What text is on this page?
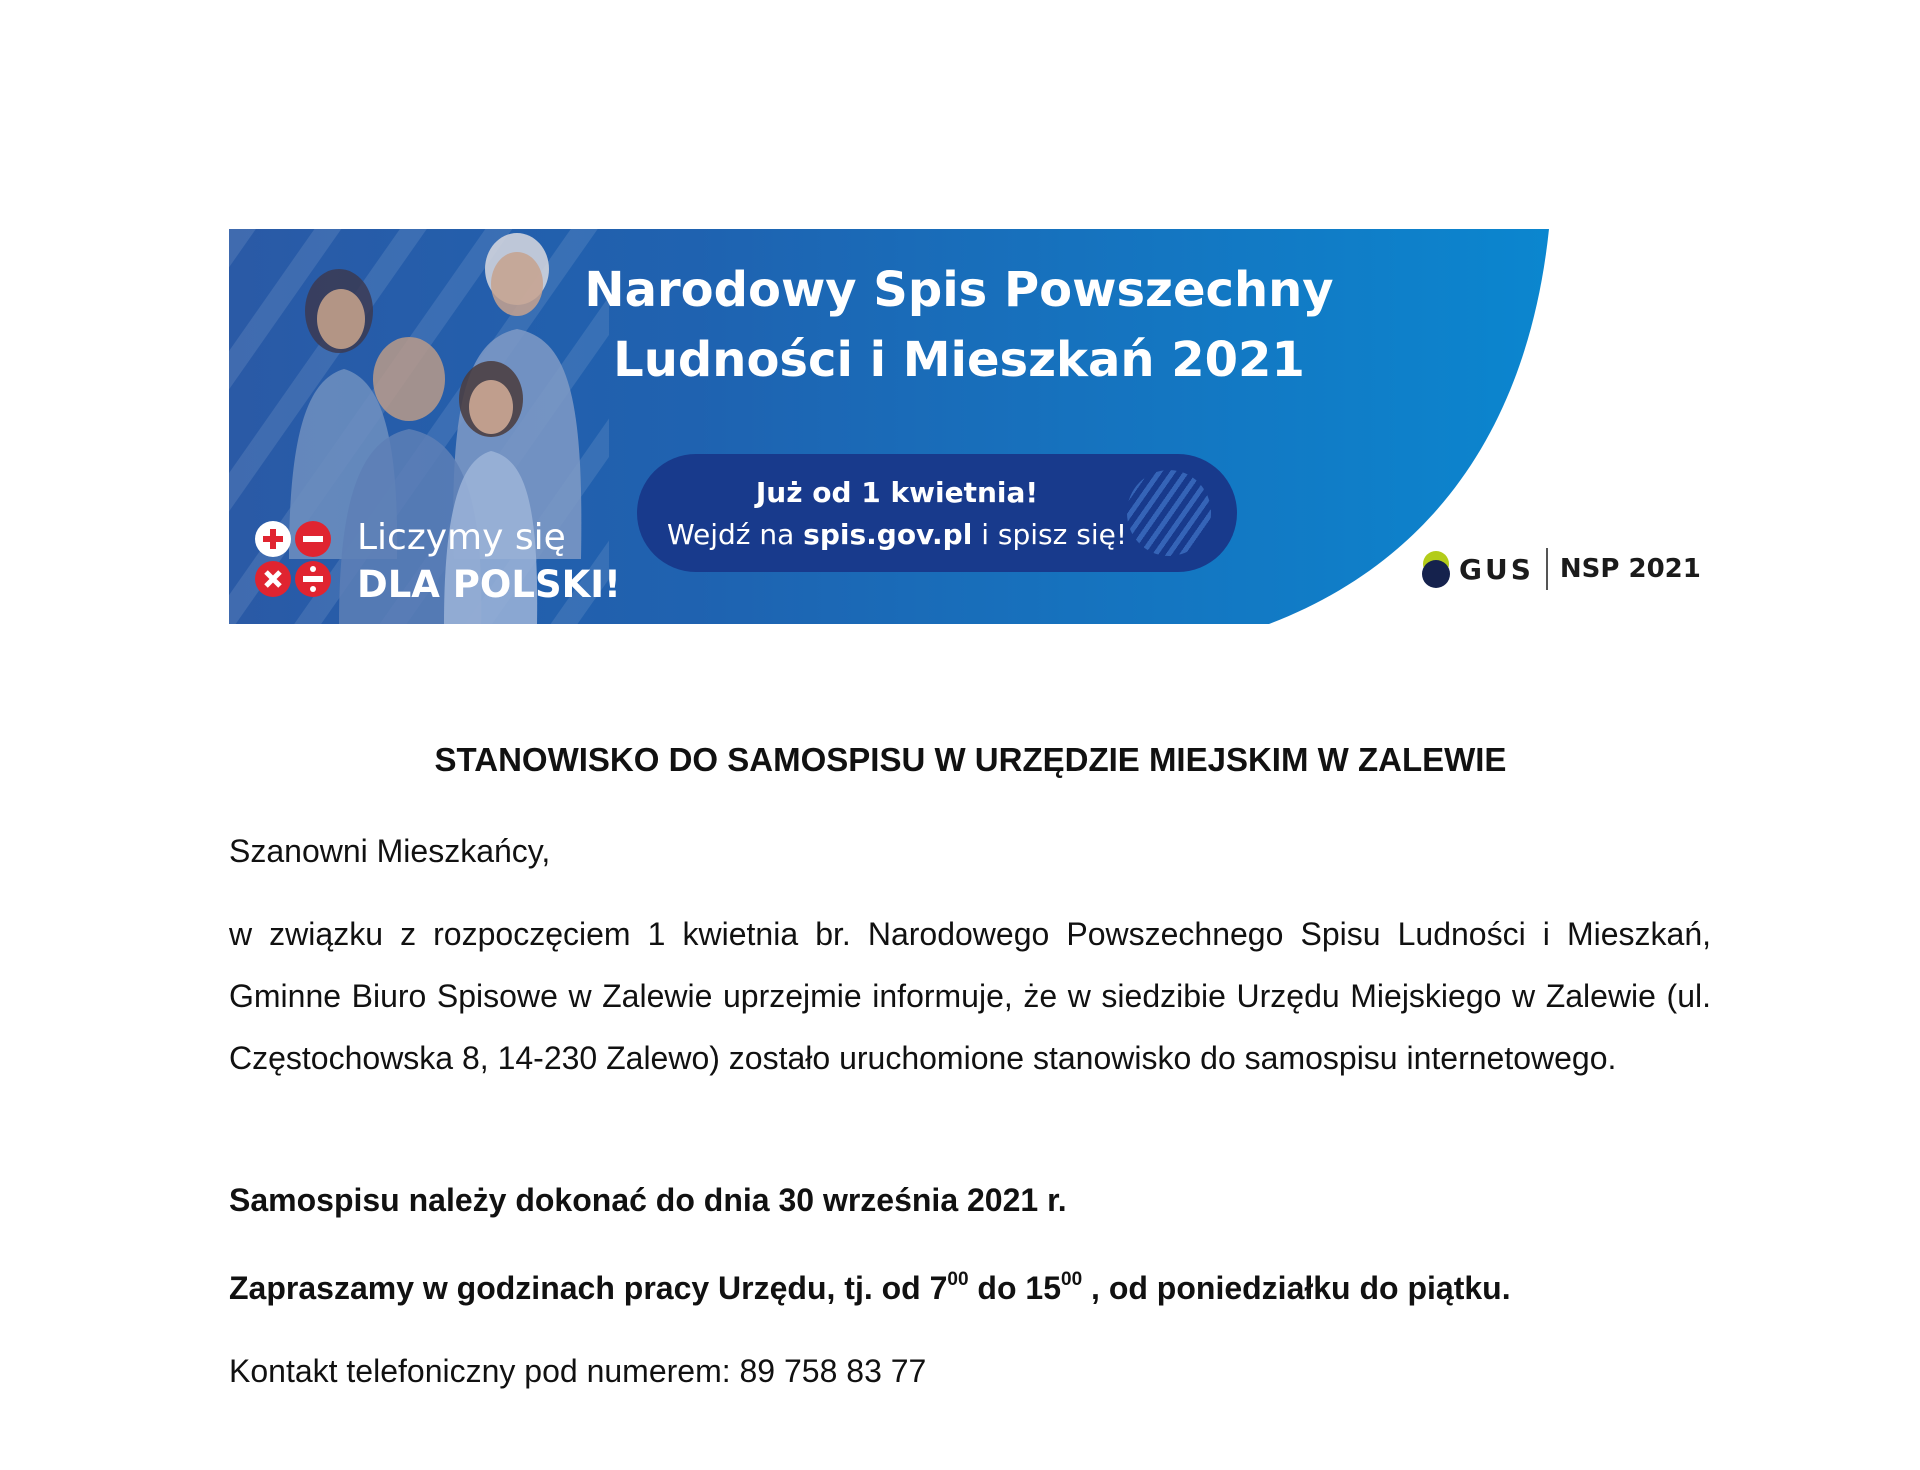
Liczymy się
DLA POLSKI!
Narodowy Spis Powszechny
Ludności i Mieszkań 2021
Już od 1 kwietnia!
Wejdź na spis.gov.pl i spisz się!
GUS NSP 2021
STANOWISKO DO SAMOSPISU W URZĘDZIE MIEJSKIM W ZALEWIE
Szanowni Mieszkańcy,
w związku z rozpoczęciem 1 kwietnia br. Narodowego Powszechnego Spisu Ludności i Mieszkań, Gminne Biuro Spisowe w Zalewie uprzejmie informuje, że w siedzibie Urzędu Miejskiego w Zalewie (ul. Częstochowska 8, 14-230 Zalewo) zostało uruchomione stanowisko do samospisu internetowego.
Samospisu należy dokonać do dnia 30 września 2021 r.
Zapraszamy w godzinach pracy Urzędu, tj. od $7^{00}$ do $15^{00}$ , od poniedziałku do piątku.
Kontakt telefoniczny pod numerem: 89 758 83 77
